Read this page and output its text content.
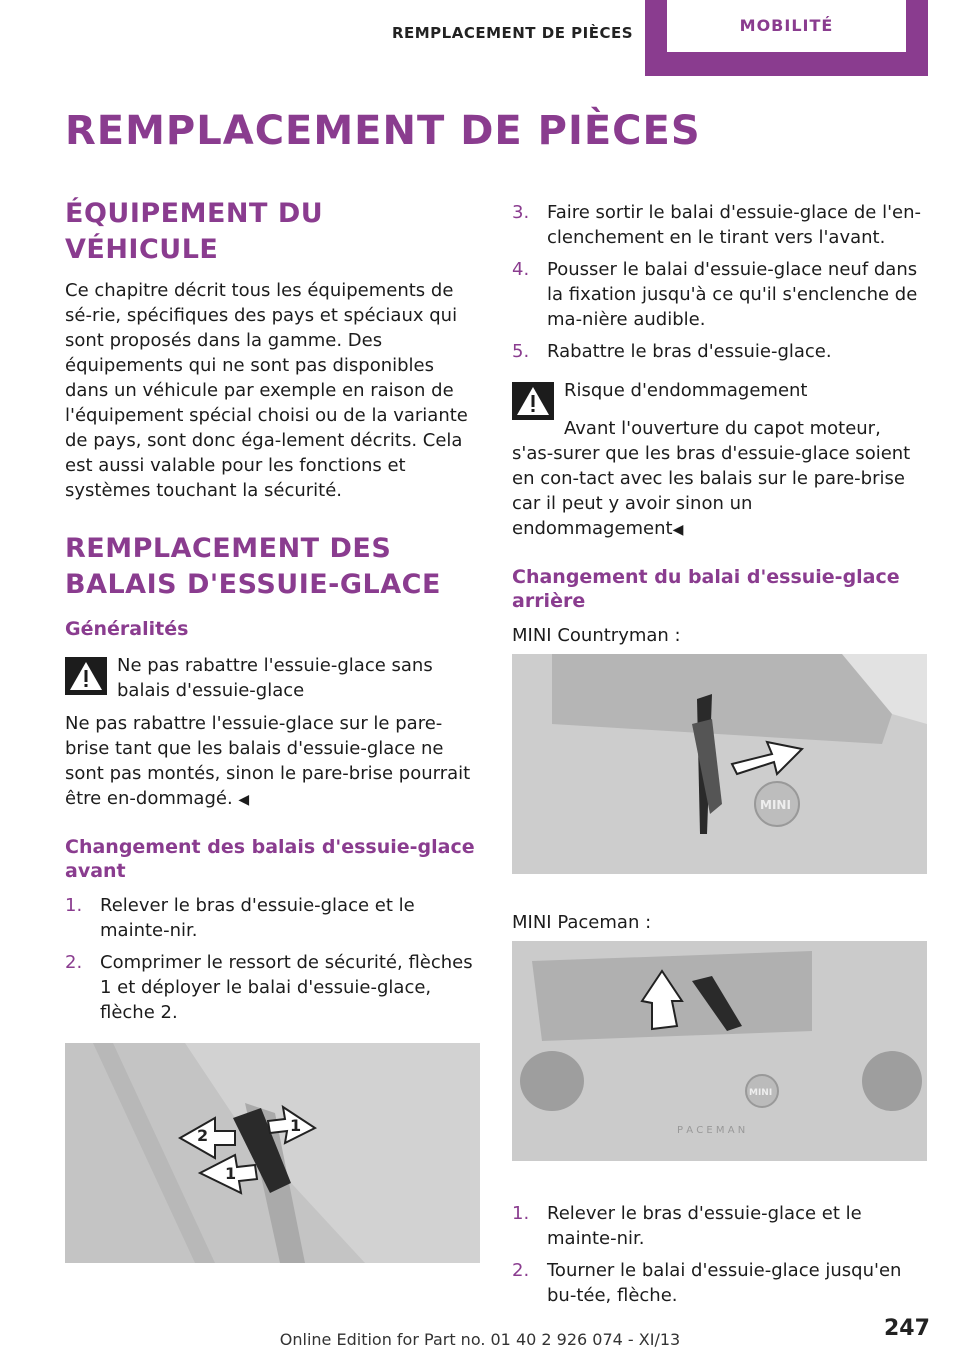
REMPLACEMENT DE PIÈCES	MOBILITÉ
REMPLACEMENT DE PIÈCES
ÉQUIPEMENT DU VÉHICULE

Ce chapitre décrit tous les équipements de sé‐rie, spécifiques des pays et spéciaux qui sont proposés dans la gamme. Des équipements qui ne sont pas disponibles dans un véhicule par exemple en raison de l'équipement spécial choisi ou de la variante de pays, sont donc éga‐lement décrits. Cela est aussi valable pour les fonctions et systèmes touchant la sécurité.

REMPLACEMENT DES BALAIS D'ESSUIE-GLACE
Généralités
Ne pas rabattre l'essuie-glace sans balais d'essuie-glace

Ne pas rabattre l'essuie-glace sur le pare-brise tant que les balais d'essuie-glace ne sont pas montés, sinon le pare-brise pourrait être en‐dommagé. ◀

Changement des balais d'essuie-glace avant
1. Relever le bras d'essuie-glace et le mainte‐nir.
2. Comprimer le ressort de sécurité, flèches 1 et déployer le balai d'essuie-glace, flèche 2.
2
1
1
3. Faire sortir le balai d'essuie-glace de l'en‐clenchement en le tirant vers l'avant.
4. Pousser le balai d'essuie-glace neuf dans la fixation jusqu'à ce qu'il s'enclenche de ma‐nière audible.
5. Rabattre le bras d'essuie-glace.
Risque d'endommagement

Avant l'ouverture du capot moteur, s'as‐surer que les bras d'essuie-glace soient en con‐tact avec les balais sur le pare-brise car il peut y avoir sinon un endommagement◀

Changement du balai d'essuie-glace arrière

MINI Countryman :

MINI

MINI Paceman :

MINI
P A C E M A N
1. Relever le bras d'essuie-glace et le mainte‐nir.
2. Tourner le balai d'essuie-glace jusqu'en bu‐tée, flèche.
247
Online Edition for Part no. 01 40 2 926 074 - XI/13
